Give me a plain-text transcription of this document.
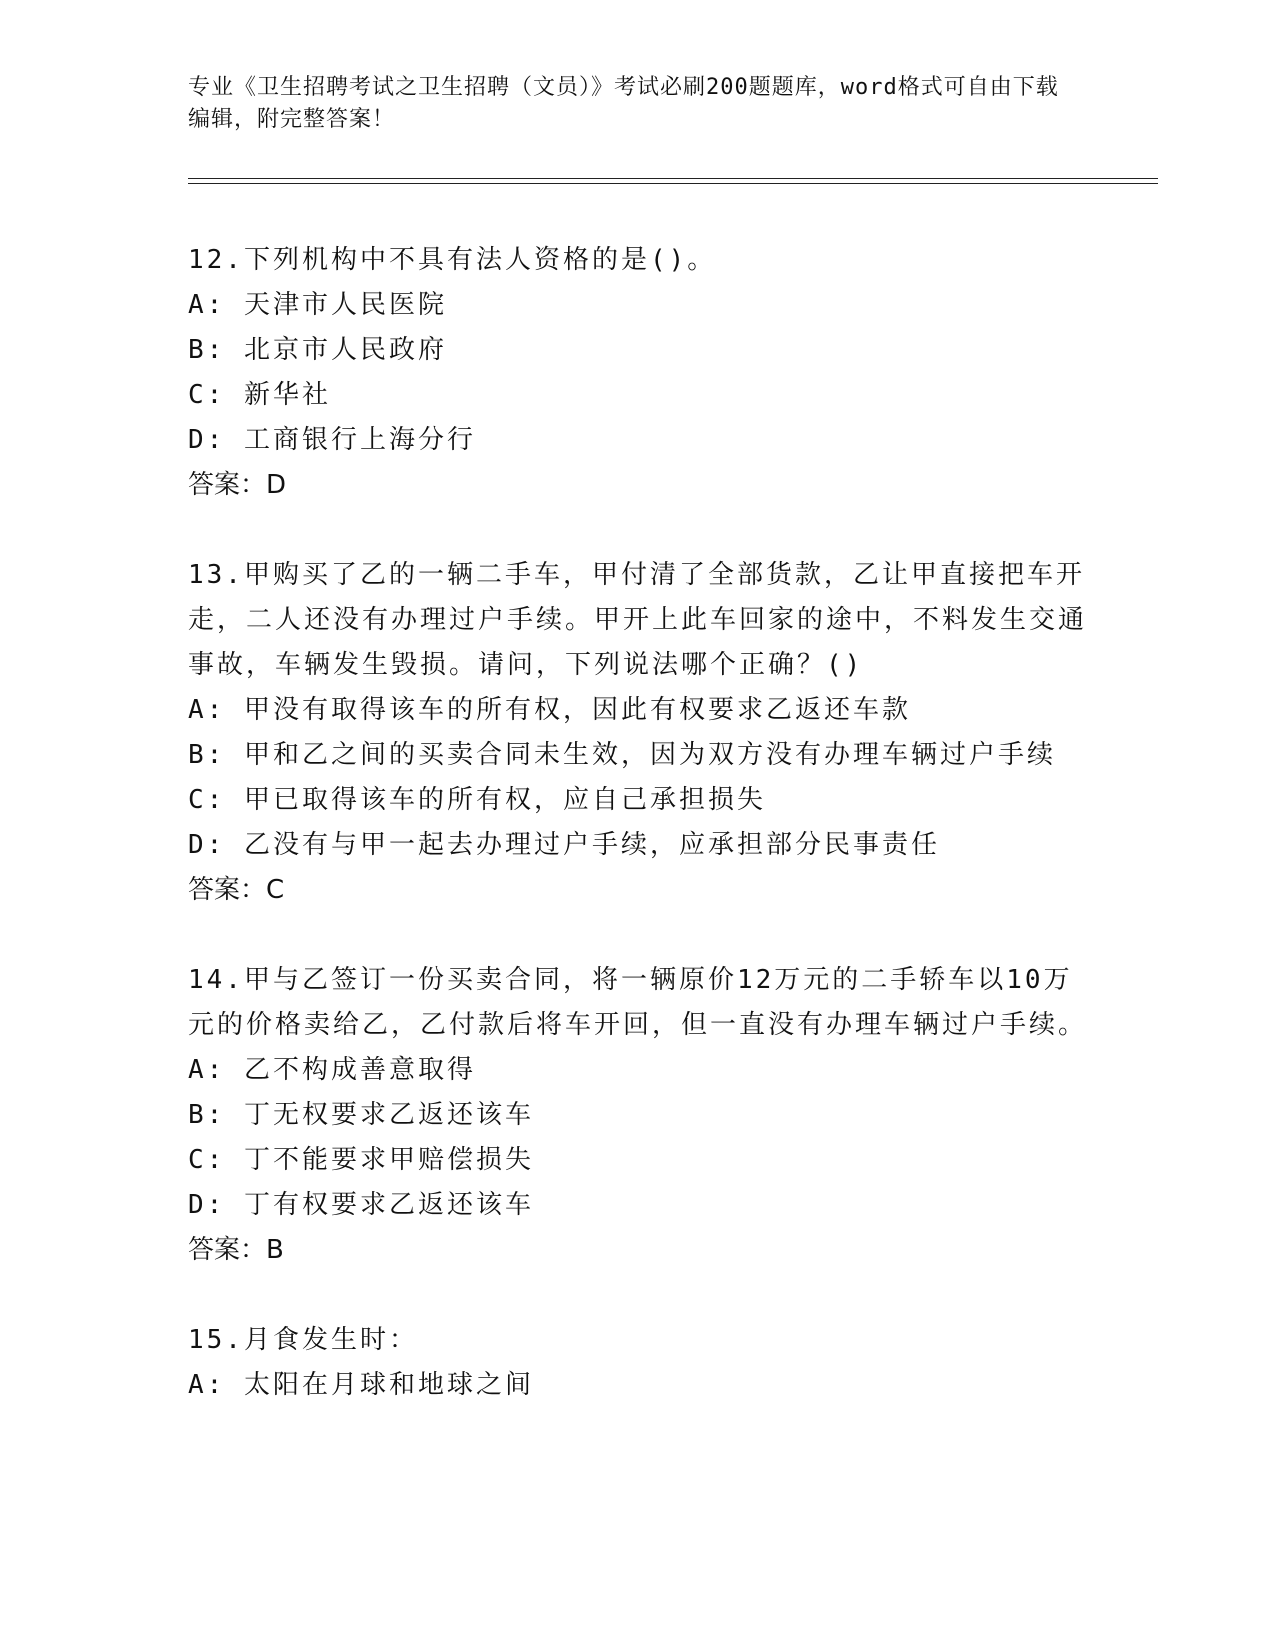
专业《卫生招聘考试之卫生招聘（文员）》考试必刷200题题库，word格式可自由下载编辑，附完整答案！
12.下列机构中不具有法人资格的是()。
A: 天津市人民医院
B: 北京市人民政府
C: 新华社
D: 工商银行上海分行
答案：D
13.甲购买了乙的一辆二手车，甲付清了全部货款，乙让甲直接把车开走，二人还没有办理过户手续。甲开上此车回家的途中，不料发生交通事故，车辆发生毁损。请问，下列说法哪个正确？()
A: 甲没有取得该车的所有权，因此有权要求乙返还车款
B: 甲和乙之间的买卖合同未生效，因为双方没有办理车辆过户手续
C: 甲已取得该车的所有权，应自己承担损失
D: 乙没有与甲一起去办理过户手续，应承担部分民事责任
答案：C
14.甲与乙签订一份买卖合同，将一辆原价12万元的二手轿车以10万元的价格卖给乙，乙付款后将车开回，但一直没有办理车辆过户手续。
A: 乙不构成善意取得
B: 丁无权要求乙返还该车
C: 丁不能要求甲赔偿损失
D: 丁有权要求乙返还该车
答案：B
15.月食发生时：
A: 太阳在月球和地球之间
